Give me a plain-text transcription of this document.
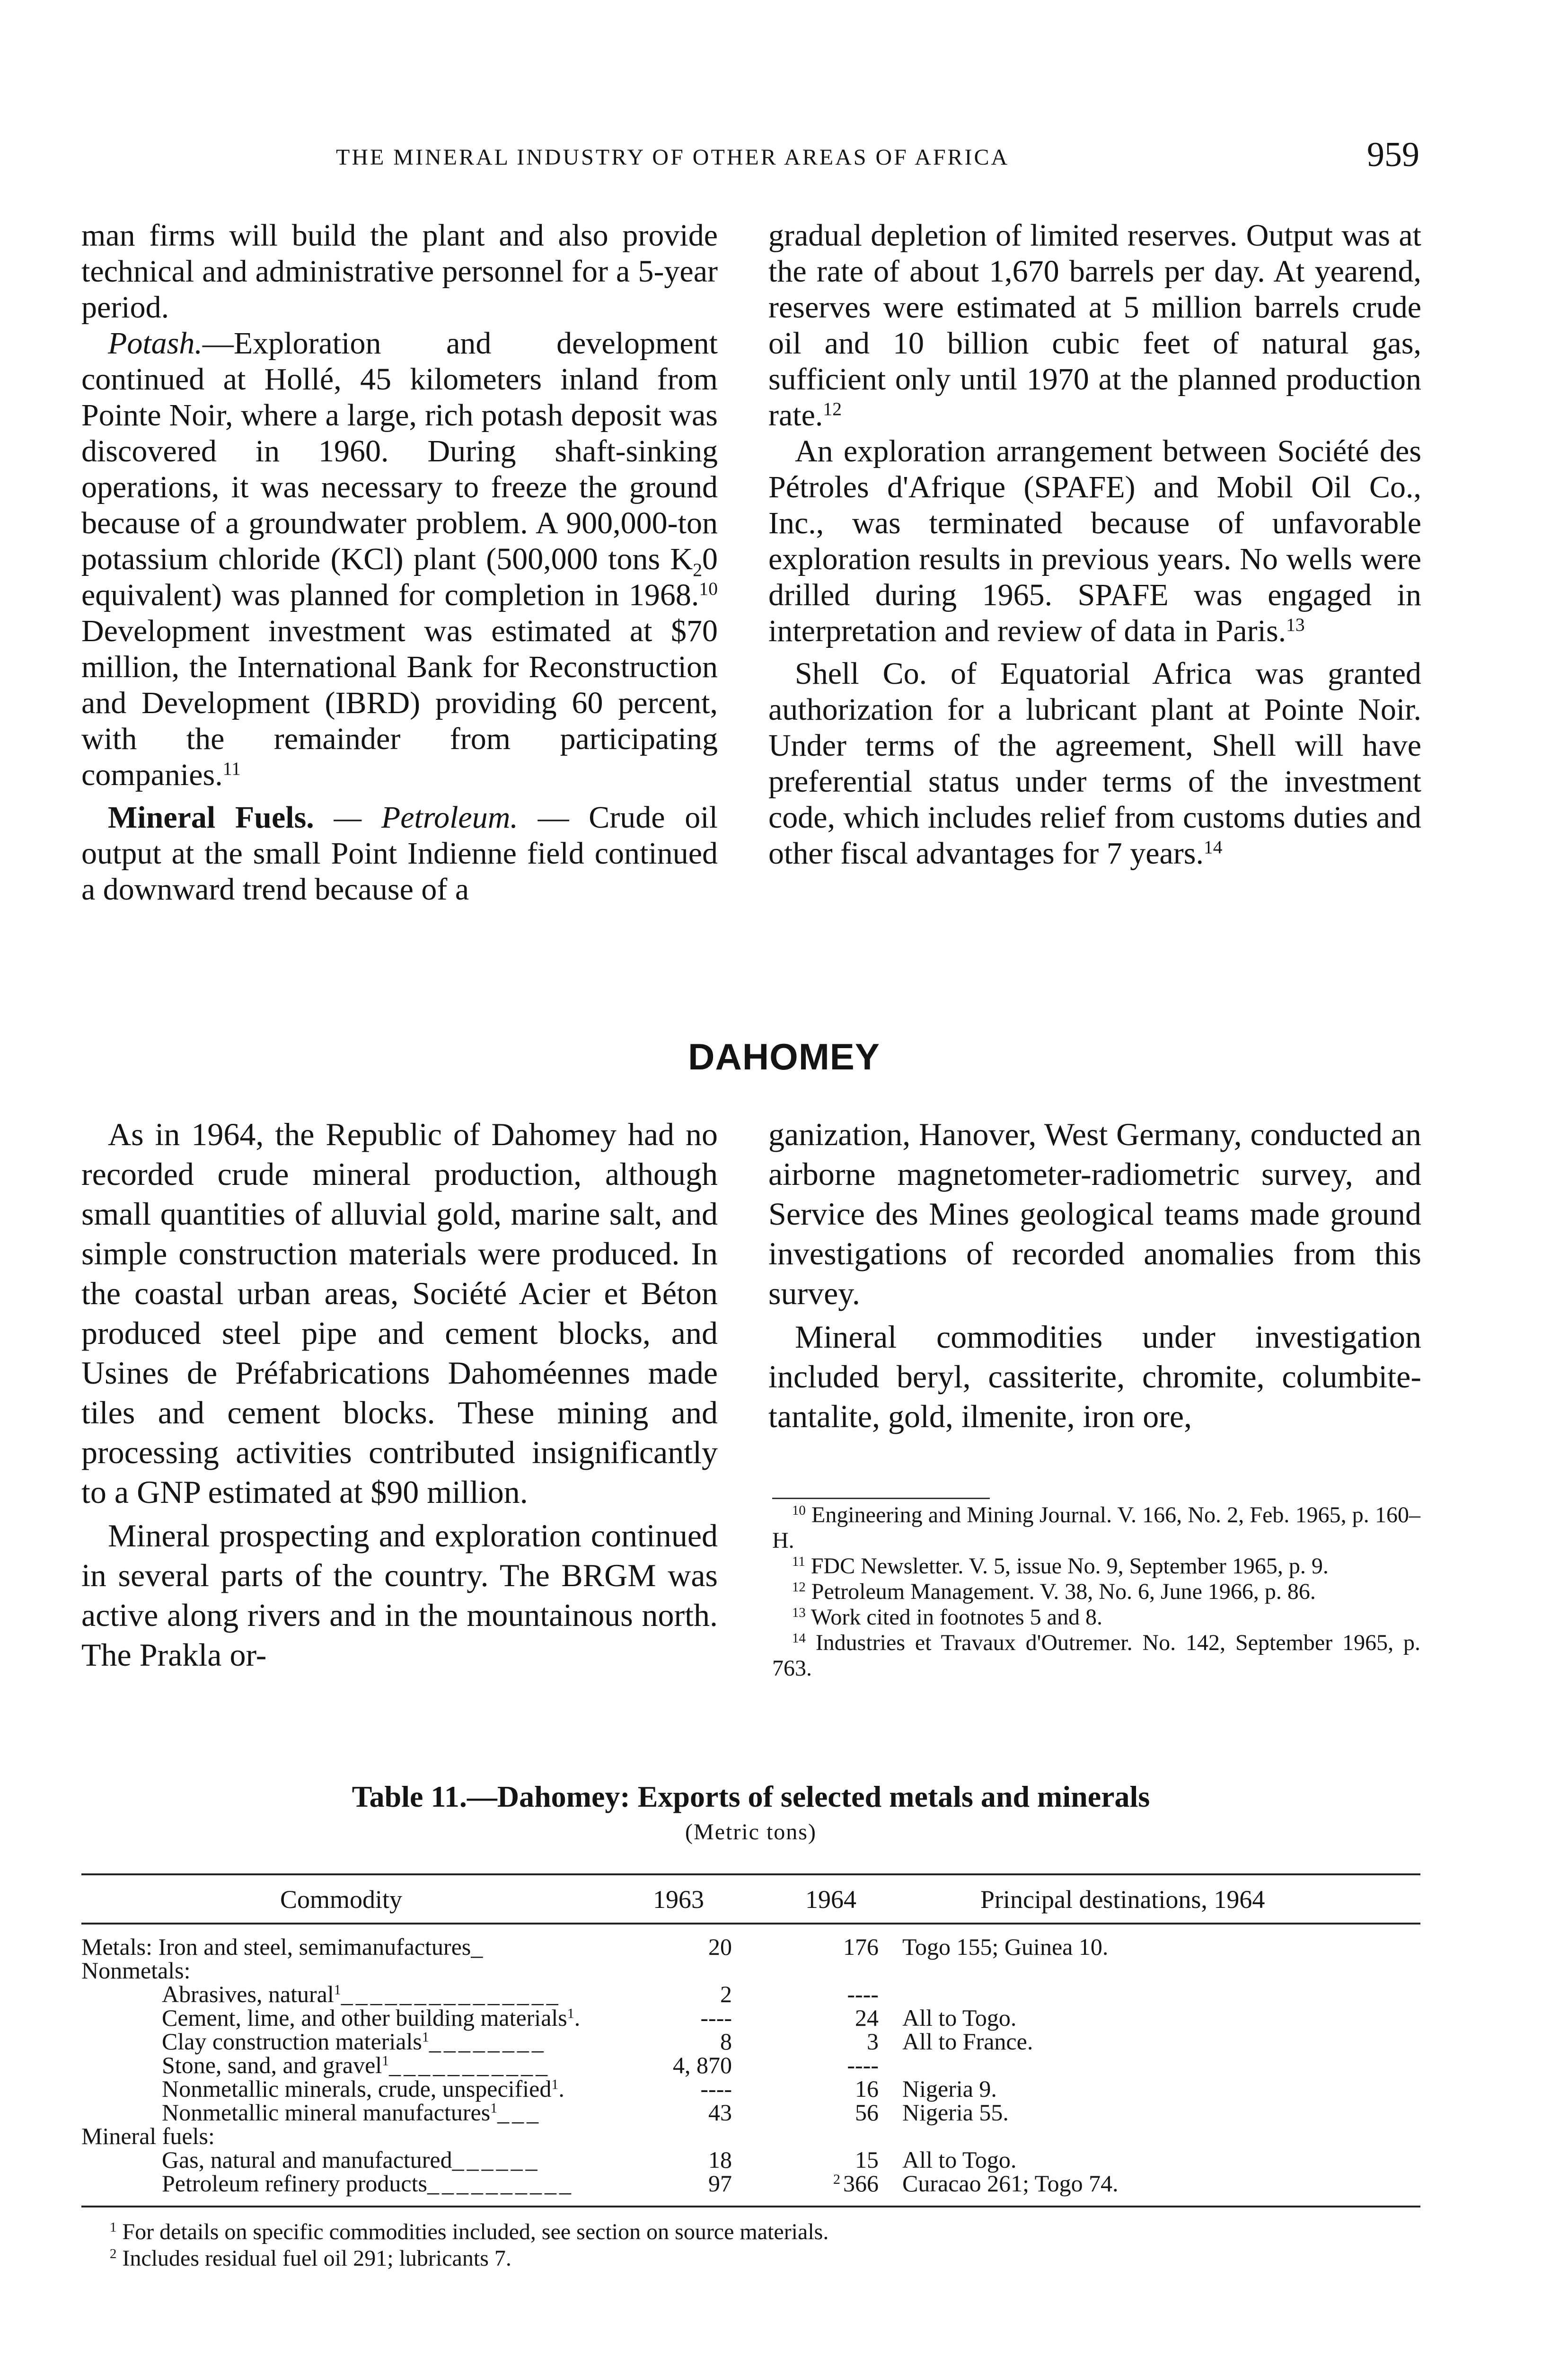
THE MINERAL INDUSTRY OF OTHER AREAS OF AFRICA	959

man firms will build the plant and also provide technical and administrative personnel for a 5-year period.

Potash.—Exploration and development continued at Hollé, 45 kilometers inland from Pointe Noir, where a large, rich potash deposit was discovered in 1960. During shaft-sinking operations, it was necessary to freeze the ground because of a groundwater problem. A 900,000-ton potassium chloride (KCl) plant (500,000 tons $K_20$ equivalent) was planned for completion in 1968.10 Development investment was estimated at $70 million, the International Bank for Reconstruction and Development (IBRD) providing 60 percent, with the remainder from participating companies.$^{11}$

Mineral Fuels. — Petroleum. — Crude oil output at the small Point Indienne field continued a downward trend because of a

gradual depletion of limited reserves. Output was at the rate of about 1,670 barrels per day. At yearend, reserves were estimated at 5 million barrels crude oil and 10 billion cubic feet of natural gas, sufficient only until 1970 at the planned production rate.$^{12}$

An exploration arrangement between Société des Pétroles d'Afrique (SPAFE) and Mobil Oil Co., Inc., was terminated because of unfavorable exploration results in previous years. No wells were drilled during 1965. SPAFE was engaged in interpretation and review of data in Paris.$^{13}$

Shell Co. of Equatorial Africa was granted authorization for a lubricant plant at Pointe Noir. Under terms of the agreement, Shell will have preferential status under terms of the investment code, which includes relief from customs duties and other fiscal advantages for 7 years.$^{14}$

DAHOMEY

As in 1964, the Republic of Dahomey had no recorded crude mineral production, although small quantities of alluvial gold, marine salt, and simple construction materials were produced. In the coastal urban areas, Société Acier et Béton produced steel pipe and cement blocks, and Usines de Préfabrications Dahoméennes made tiles and cement blocks. These mining and processing activities contributed insignificantly to a GNP estimated at $90 million.

Mineral prospecting and exploration continued in several parts of the country. The BRGM was active along rivers and in the mountainous north. The Prakla or-

ganization, Hanover, West Germany, conducted an airborne magnetometer-radiometric survey, and Service des Mines geological teams made ground investigations of recorded anomalies from this survey.

Mineral commodities under investigation included beryl, cassiterite, chromite, columbite-tantalite, gold, ilmenite, iron ore,

$^{10}$ Engineering and Mining Journal. V. 166, No. 2, Feb. 1965, p. 160–H.

$^{11}$ FDC Newsletter. V. 5, issue No. 9, September 1965, p. 9.

$^{12}$ Petroleum Management. V. 38, No. 6, June 1966, p. 86.

$^{13}$ Work cited in footnotes 5 and 8.

$^{14}$ Industries et Travaux d'Outremer. No. 142, September 1965, p. 763.

Table 11.—Dahomey: Exports of selected metals and minerals
(Metric tons)
Commodity	1963	1964	Principal destinations, 1964
Metals: Iron and steel, semimanufactures_	20	176 Togo 155; Guinea 10.
Nonmetals:
Abrasives, natural$^1$_______________	2	----
Cement, lime, and other building materials$^1$.	----	24 All to Togo.
Clay construction materials$^1$________	8	3 All to France.
Stone, sand, and gravel$^1$___________	4, 870	----
Nonmetallic minerals, crude, unspecified$^1$.	----	16 Nigeria 9.
Nonmetallic mineral manufactures$^1$___	43	56 Nigeria 55.
Mineral fuels:
Gas, natural and manufactured______	18	15 All to Togo.
Petroleum refinery products__________	97	$^2$ 366 Curacao 261; Togo 74.

$^1$ For details on specific commodities included, see section on source materials.

$^2$ Includes residual fuel oil 291; lubricants 7.
